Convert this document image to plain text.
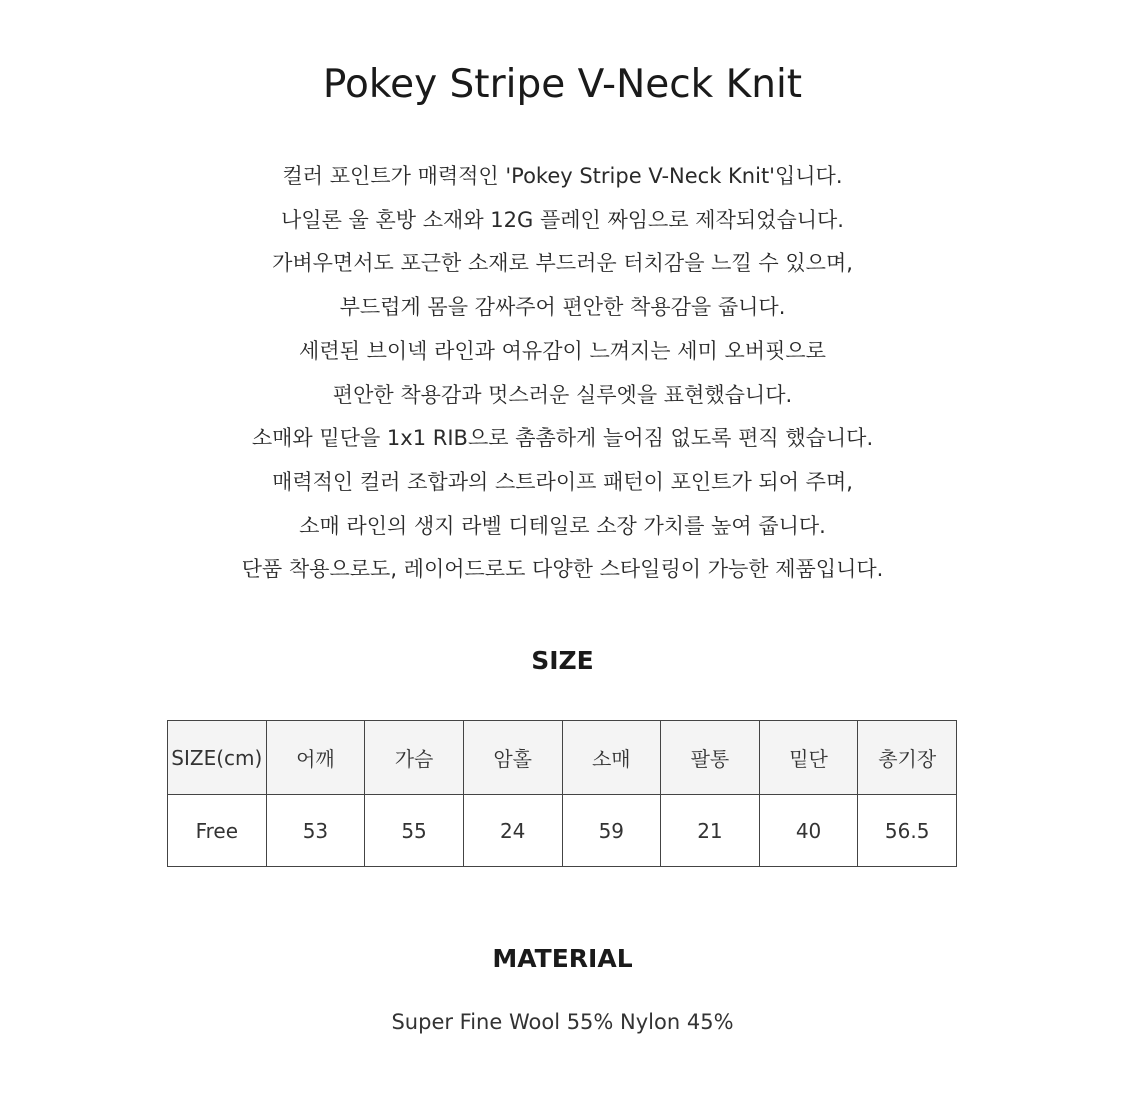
Pokey Stripe V-Neck Knit
컬러 포인트가 매력적인 'Pokey Stripe V-Neck Knit'입니다.
나일론 울 혼방 소재와 12G 플레인 짜임으로 제작되었습니다.
가벼우면서도 포근한 소재로 부드러운 터치감을 느낄 수 있으며,
부드럽게 몸을 감싸주어 편안한 착용감을 줍니다.
세련된 브이넥 라인과 여유감이 느껴지는 세미 오버핏으로
편안한 착용감과 멋스러운 실루엣을 표현했습니다.
소매와 밑단을 1x1 RIB으로 촘촘하게 늘어짐 없도록 편직 했습니다.
매력적인 컬러 조합과의 스트라이프 패턴이 포인트가 되어 주며,
소매 라인의 생지 라벨 디테일로 소장 가치를 높여 줍니다.
단품 착용으로도, 레이어드로도 다양한 스타일링이 가능한 제품입니다.
SIZE
SIZE(cm)	어깨	가슴	암홀	소매	팔통	밑단	총기장
Free	53	55	24	59	21	40	56.5
MATERIAL
Super Fine Wool 55% Nylon 45%
